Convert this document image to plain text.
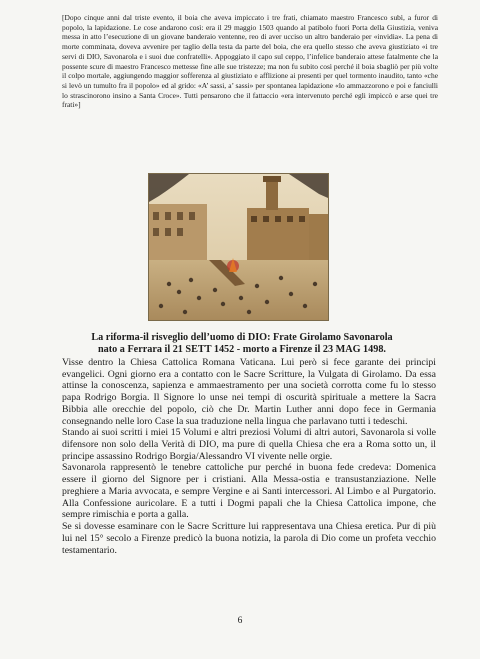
[Dopo cinque anni dal triste evento, il boia che aveva impiccato i tre frati, chiamato maestro Francesco subì, a furor di popolo, la lapidazione. Le cose andarono così: era il 29 maggio 1503 quando al patibolo fuori Porta della Giustizia, veniva messa in atto l’esecuzione di un giovane banderaio ventenne, reo di aver ucciso un altro banderaio per «invidia». La pena di morte comminata, doveva avvenire per taglio della testa da parte del boia, che era quello stesso che aveva giustiziato «i tre servi di DIO, Savonarola e i suoi due confratelli». Appoggiato il capo sul ceppo, l’infelice banderaio attese fatalmente che la possente scure di maestro Francesco mettesse fine alle sue tristezze; ma non fu subito così perché il boia sbagliò per più volte il colpo mortale, aggiungendo maggior sofferenza al giustiziato e afflizione ai presenti per quel tormento inaudito, tanto «che si levò un tumulto fra il popolo» ed al grido: «A’ sassi, a’ sassi» per spontanea lapidazione «lo ammazzorono e poi e fanciulli lo strascinorono insino a Santa Croce». Tutti pensarono che il fattaccio «era intervenuto perché egli impiccò e arse quei tre frati»]

La riforma-il risveglio dell’uomo di DIO: Frate Girolamo Savonarola
nato a Ferrara il 21 SETT 1452 - morto a Firenze il 23 MAG 1498.

Visse dentro la Chiesa Cattolica Romana Vaticana. Lui però si fece garante dei principi evangelici. Ogni giorno era a contatto con le Sacre Scritture, la Vulgata di Girolamo. Da essa attinse la conoscenza, sapienza e ammaestramento per una società corrotta come fu lo stesso papa Rodrigo Borgia. Il Signore lo unse nei tempi di oscurità spirituale a mettere la Sacra Bibbia alle orecchie del popolo, ciò che Dr. Martin Luther anni dopo fece in Germania consegnando nelle loro Case la sua traduzione nella lingua che parlavano tutti i tedeschi.

Stando ai suoi scritti i miei 15 Volumi e altri preziosi Volumi di altri autori, Savonarola si volle difensore non solo della Verità di DIO, ma pure di quella Chiesa che era a Roma sotto un, il principe assassino Rodrigo Borgia/Alessandro VI vivente nelle orgie.

Savonarola rappresentò le tenebre cattoliche pur perché in buona fede credeva: Domenica essere il giorno del Signore per i cristiani. Alla Messa-ostia e transustanziazione. Nelle preghiere a Maria avvocata, e sempre Vergine e ai Santi intercessori. Al Limbo e al Purgatorio. Alla Confessione auricolare. E a tutti i Dogmi papali che la Chiesa Cattolica impone, che sempre rimischia e porta a galla.

Se si dovesse esaminare con le Sacre Scritture lui rappresentava una Chiesa eretica. Pur di più lui nel 15° secolo a Firenze predicò la buona notizia, la parola di Dio come un profeta vecchio testamentario.

6
